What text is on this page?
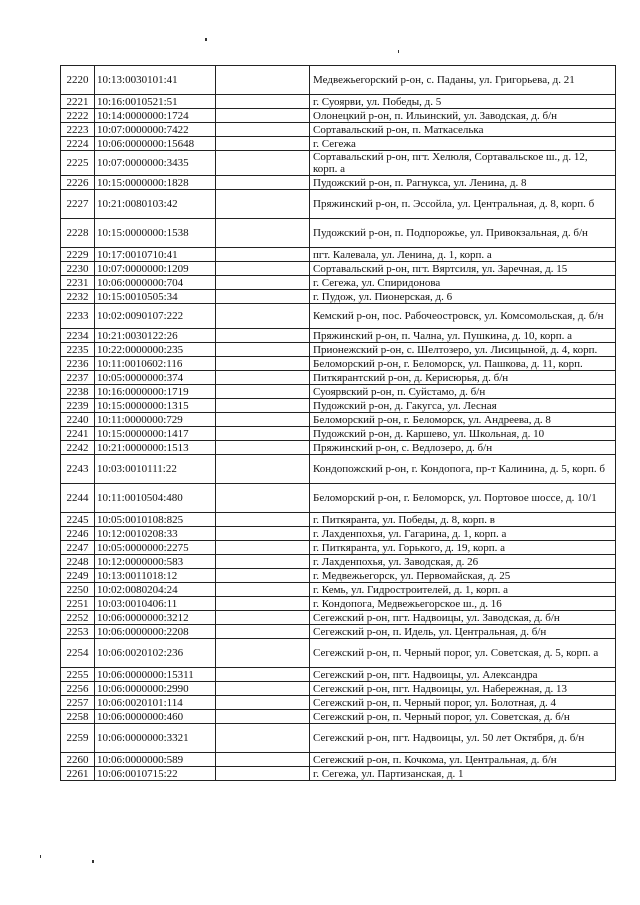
2220	10:13:0030101:41		Медвежьегорский р-он, с. Паданы, ул. Григорьева, д. 21
2221	10:16:0010521:51		г. Суоярви, ул. Победы, д. 5
2222	10:14:0000000:1724		Олонецкий р-он, п. Ильинский, ул. Заводская, д. б/н
2223	10:07:0000000:7422		Сортавальский р-он, п. Маткаселька
2224	10:06:0000000:15648		г. Сегежа
2225	10:07:0000000:3435		Сортавальский р-он, пгт. Хелюля, Сортавальское ш., д. 12, корп. а
2226	10:15:0000000:1828		Пудожский р-он, п. Рагнукса, ул. Ленина, д. 8
2227	10:21:0080103:42		Пряжинский р-он, п. Эссойла, ул. Центральная, д. 8, корп. б
2228	10:15:0000000:1538		Пудожский р-он, п. Подпорожье, ул. Привокзальная, д. б/н
2229	10:17:0010710:41		пгт. Калевала, ул. Ленина, д. 1, корп. а
2230	10:07:0000000:1209		Сортавальский р-он, пгт. Вяртсиля, ул. Заречная, д. 15
2231	10:06:0000000:704		г. Сегежа, ул. Спиридонова
2232	10:15:0010505:34		г. Пудож, ул. Пионерская, д. 6
2233	10:02:0090107:222		Кемский р-он, пос. Рабочеостровск, ул. Комсомольская, д. б/н
2234	10:21:0030122:26		Пряжинский р-он, п. Чална, ул. Пушкина, д. 10, корп. а
2235	10:22:0000000:235		Прионежский р-он, с. Шелтозеро, ул. Лисицыной, д. 4, корп.
2236	10:11:0010602:116		Беломорский р-он, г. Беломорск, ул. Пашкова, д. 11, корп.
2237	10:05:0000000:374		Питкярантский р-он, д. Кериcюрья, д. б/н
2238	10:16:0000000:1719		Суоярвский р-он, п. Суйстамо, д. б/н
2239	10:15:0000000:1315		Пудожский р-он, д. Гакугса, ул. Лесная
2240	10:11:0000000:729		Беломорский р-он, г. Беломорск, ул. Андреева, д. 8
2241	10:15:0000000:1417		Пудожский р-он, д. Каршево, ул. Школьная, д. 10
2242	10:21:0000000:1513		Пряжинский р-он, с. Ведлозеро, д. б/н
2243	10:03:0010111:22		Кондопожский р-он, г. Кондопога, пр-т Калинина, д. 5, корп. б
2244	10:11:0010504:480		Беломорский р-он, г. Беломорск, ул. Портовое шоссе, д. 10/1
2245	10:05:0010108:825		г. Питкяранта, ул. Победы, д. 8, корп. в
2246	10:12:0010208:33		г. Лахденпохья, ул. Гагарина, д. 1, корп. а
2247	10:05:0000000:2275		г. Питкяранта, ул. Горького, д. 19, корп. а
2248	10:12:0000000:583		г. Лахденпохья, ул. Заводская, д. 26
2249	10:13:0011018:12		г. Медвежьегорск, ул. Первомайская, д. 25
2250	10:02:0080204:24		г. Кемь, ул. Гидростроителей, д. 1, корп. а
2251	10:03:0010406:11		г. Кондопога, Медвежьегорское ш., д. 16
2252	10:06:0000000:3212		Сегежский р-он, пгт. Надвоицы, ул. Заводская, д. б/н
2253	10:06:0000000:2208		Сегежский р-он, п. Идель, ул. Центральная, д. б/н
2254	10:06:0020102:236		Сегежский р-он, п. Черный порог, ул. Советская, д. 5, корп. а
2255	10:06:0000000:15311		Сегежский р-он, пгт. Надвоицы, ул. Александра
2256	10:06:0000000:2990		Сегежский р-он, пгт. Надвоицы, ул. Набережная, д. 13
2257	10:06:0020101:114		Сегежский р-он, п. Черный порог, ул. Болотная, д. 4
2258	10:06:0000000:460		Сегежский р-он, п. Черный порог, ул. Советская, д. б/н
2259	10:06:0000000:3321		Сегежский р-он, пгт. Надвоицы, ул. 50 лет Октября, д. б/н
2260	10:06:0000000:589		Сегежский р-он, п. Кочкома, ул. Центральная, д. б/н
2261	10:06:0010715:22		г. Сегежа, ул. Партизанская, д. 1
